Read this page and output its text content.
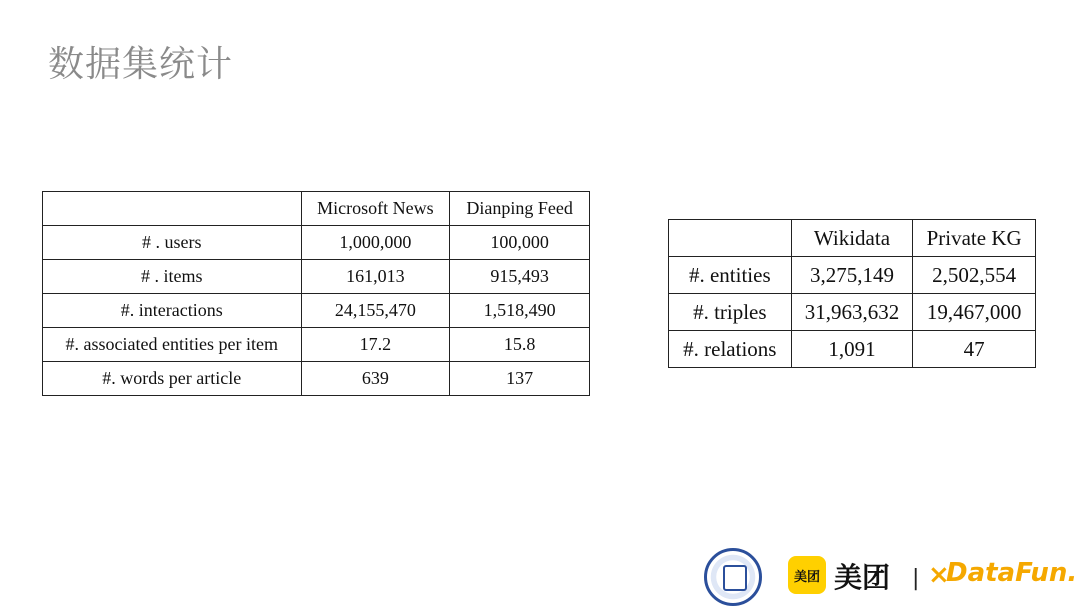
数据集统计
	Microsoft News	Dianping Feed
# . users	1,000,000	100,000
# . items	161,013	915,493
#. interactions	24,155,470	1,518,490
#. associated entities per item	17.2	15.8
#. words per article	639	137
	Wikidata	Private KG
#. entities	3,275,149	2,502,554
#. triples	31,963,632	19,467,000
#. relations	1,091	47
美团 美团 | ×
DataFun.
